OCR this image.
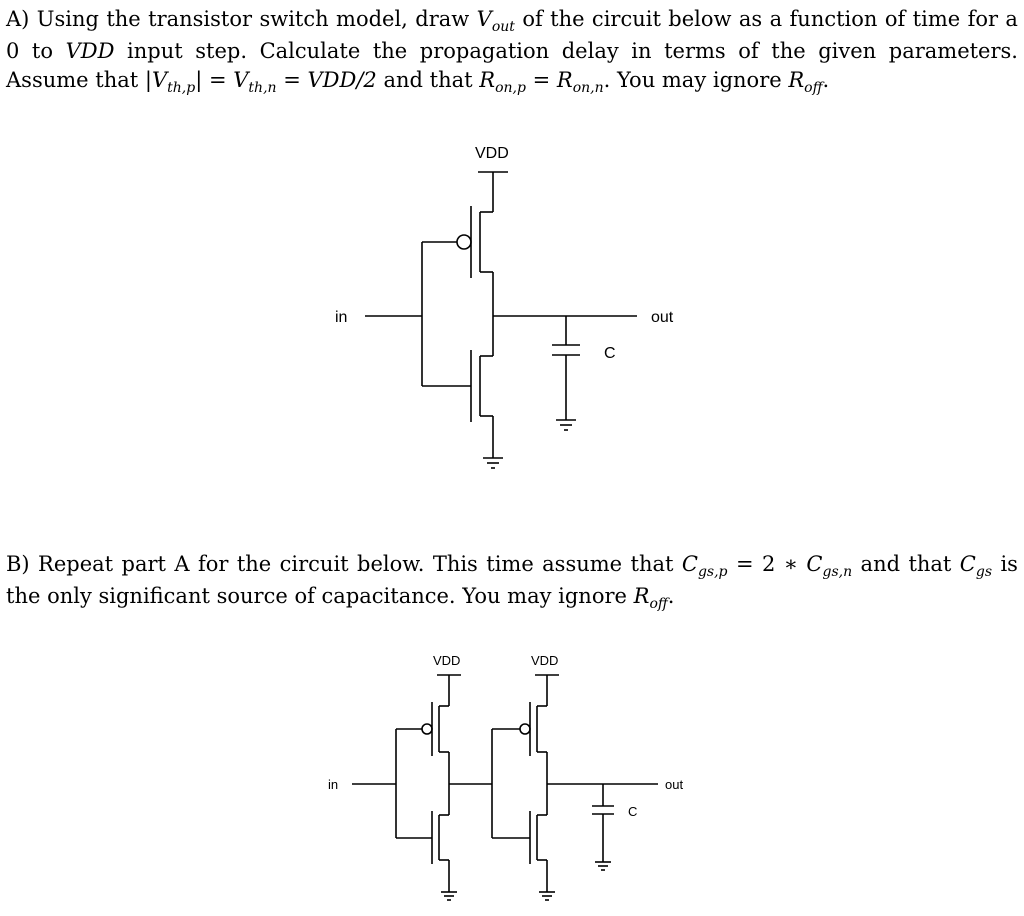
A) Using the transistor switch model, draw $V_{out}$ of the circuit below as a function of time for a 0 to VDD input step. Calculate the propagation delay in terms of the given parameters. Assume that $|V_{th,p}| = V_{th,n} = VDD/2$ and that $R_{on,p} = R_{on,n}$. You may ignore $R_{off}$.

B) Repeat part A for the circuit below. This time assume that $C_{gs,p} = 2$ ∗ $C_{gs,n}$ and that $C_{gs}$ is the only significant source of capacitance. You may ignore $R_{off}$.

VDD
in	out
C
VDD
in
VDD
out
C
